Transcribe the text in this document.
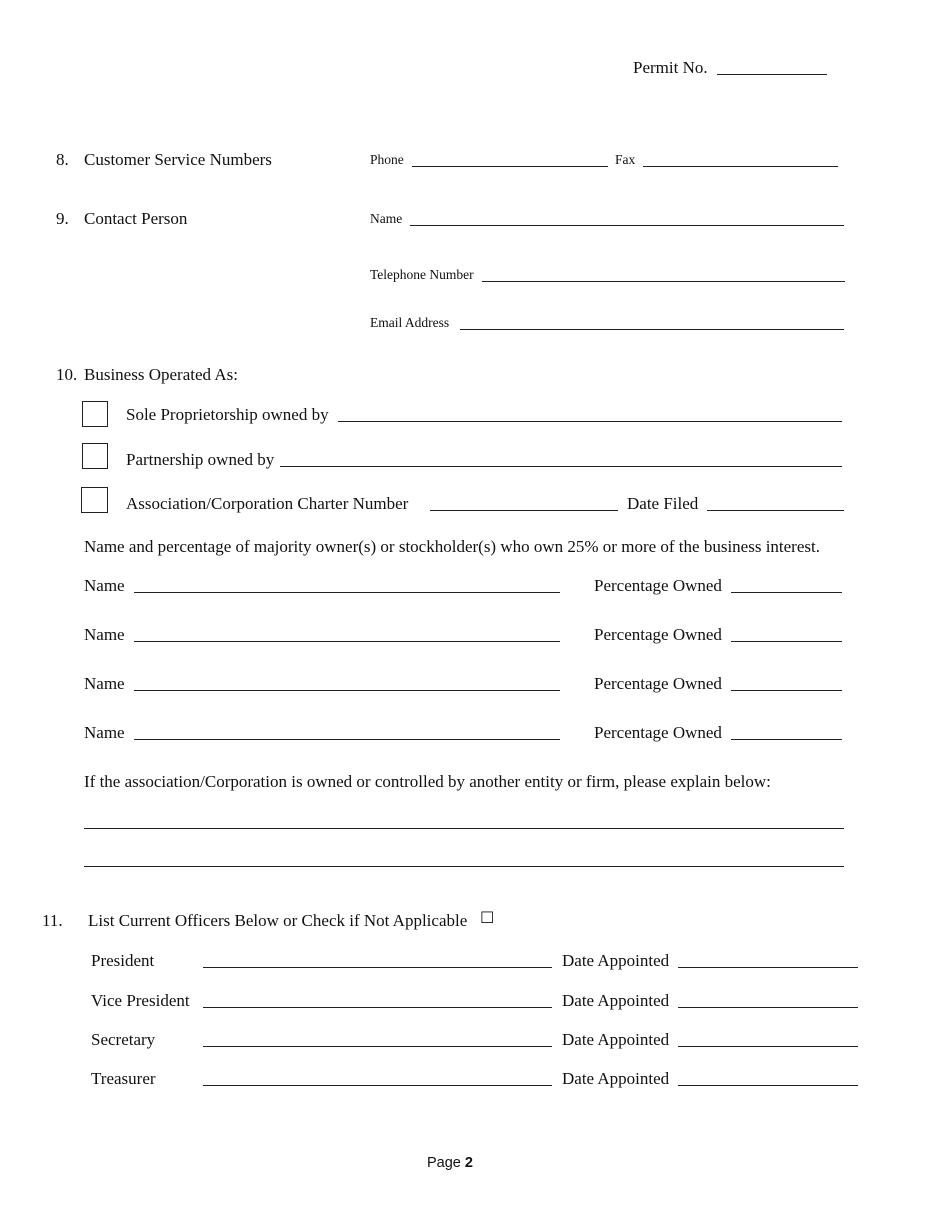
Permit No.
8. Customer Service Numbers	Phone	Fax
9. Contact Person	Name
Telephone Number
Email Address
10. Business Operated As:
Sole Proprietorship owned by
Partnership owned by
Association/Corporation Charter Number	Date Filed
Name and percentage of majority owner(s) or stockholder(s) who own 25% or more of the business interest.
Name	Percentage Owned
Name	Percentage Owned
Name	Percentage Owned
Name	Percentage Owned
If the association/Corporation is owned or controlled by another entity or firm, please explain below:
11. List Current Officers Below or Check if Not Applicable ☐
President	Date Appointed
Vice President	Date Appointed
Secretary	Date Appointed
Treasurer	Date Appointed
Page 2
